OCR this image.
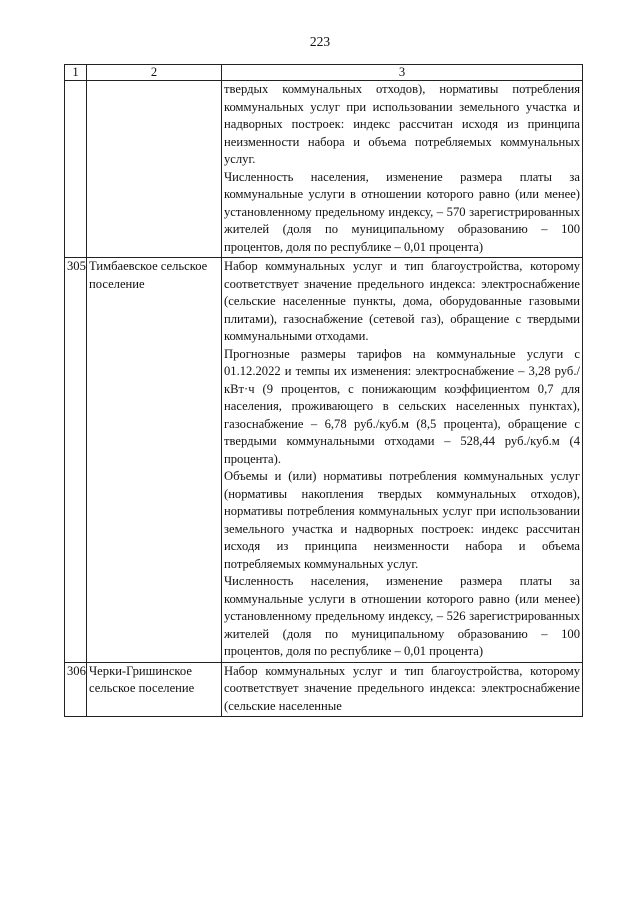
223
1	2	3

		твердых коммунальных отходов), нормативы потребления коммунальных услуг при использовании земельного участка и надворных построек: индекс рассчитан исходя из принципа неизменности набора и объема потребляемых коммунальных услуг.

Численность населения, изменение размера платы за коммунальные услуги в отношении которого равно (или менее) установленному предельному индексу, – 570 зарегистрированных жителей (доля по муниципальному образованию – 100 процентов, доля по республике – 0,01 процента)

305	Тимбаевское сельское поселение	Набор коммунальных услуг и тип благоустройства, которому соответствует значение предельного индекса: электроснабжение (сельские населенные пункты, дома, оборудованные газовыми плитами), газоснабжение (сетевой газ), обращение с твердыми коммунальными отходами.

Прогнозные размеры тарифов на коммунальные услуги с 01.12.2022 и темпы их изменения: электроснабжение – 3,28 руб./кВт·ч (9 процентов, с понижающим коэффициентом 0,7 для населения, проживающего в сельских населенных пунктах), газоснабжение – 6,78 руб./куб.м (8,5 процента), обращение с твердыми коммунальными отходами – 528,44 руб./куб.м (4 процента).

Объемы и (или) нормативы потребления коммунальных услуг (нормативы накопления твердых коммунальных отходов), нормативы потребления коммунальных услуг при использовании земельного участка и надворных построек: индекс рассчитан исходя из принципа неизменности набора и объема потребляемых коммунальных услуг.

Численность населения, изменение размера платы за коммунальные услуги в отношении которого равно (или менее) установленному предельному индексу, – 526 зарегистрированных жителей (доля по муниципальному образованию – 100 процентов, доля по республике – 0,01 процента)

306	Черки-Гришинское сельское поселение	Набор коммунальных услуг и тип благоустройства, которому соответствует значение предельного индекса: электроснабжение (сельские населенные
